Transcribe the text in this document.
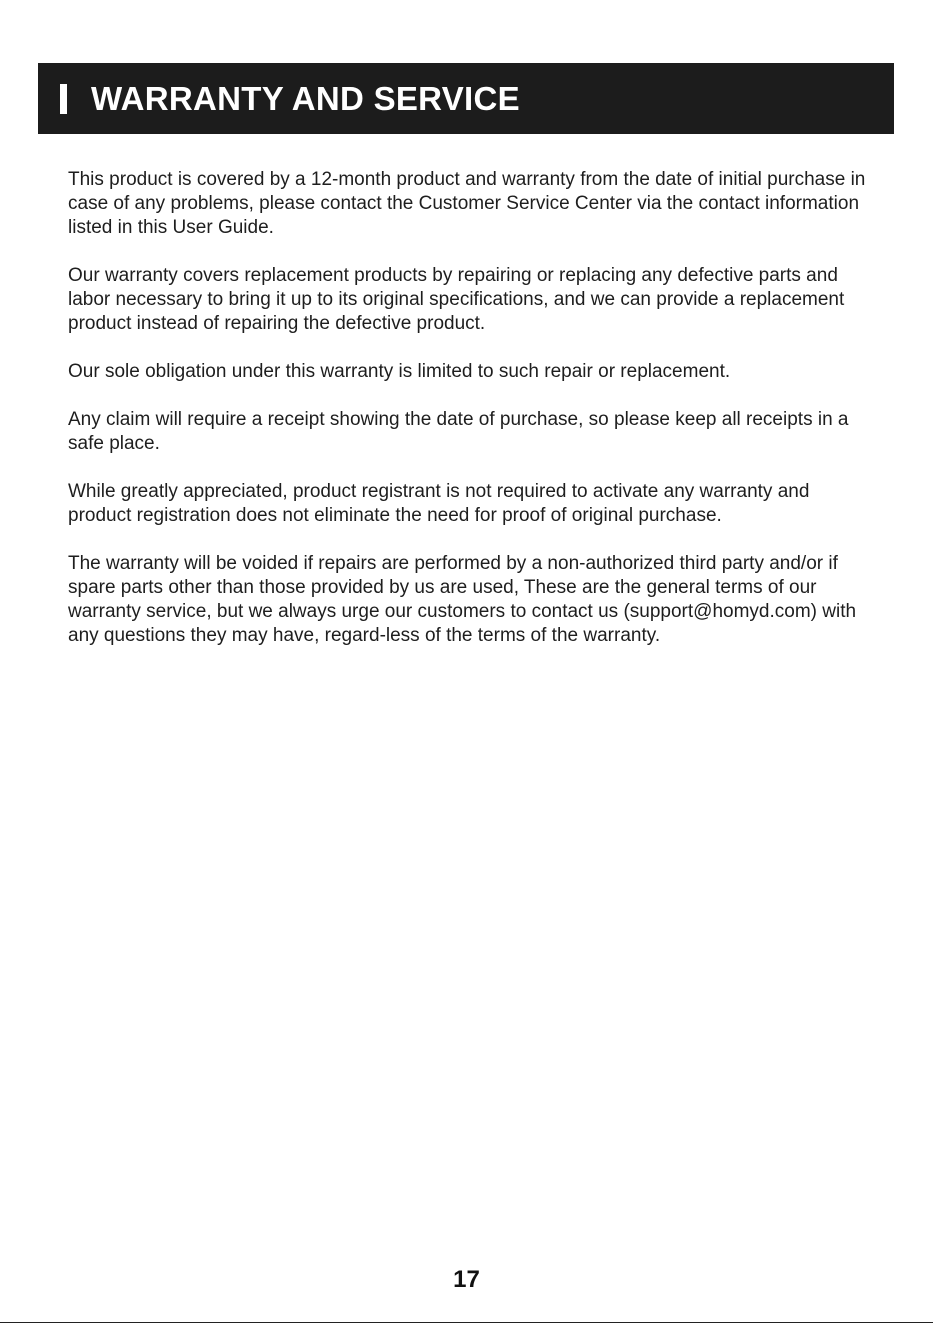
WARRANTY AND SERVICE

This product is covered by a 12-month product and warranty from the date of initial purchase in case of any problems, please contact the Customer Service Center via the contact information listed in this User Guide.

Our warranty covers replacement products by repairing or replacing any defective parts and labor necessary to bring it up to its original specifications, and we can provide a replacement product instead of repairing the defective product.

Our sole obligation under this warranty is limited to such repair or replacement.

Any claim will require a receipt showing the date of purchase, so please keep all receipts in a safe place.

While greatly appreciated, product registrant is not required to activate any warranty and product registration does not eliminate the need for proof of original purchase.

The warranty will be voided if repairs are performed by a non-authorized third party and/or if spare parts other than those provided by us are used, These are the general terms of our warranty service, but we always urge our customers to contact us (support@homyd.com) with any questions they may have, regard-less of the terms of the warranty.

17
